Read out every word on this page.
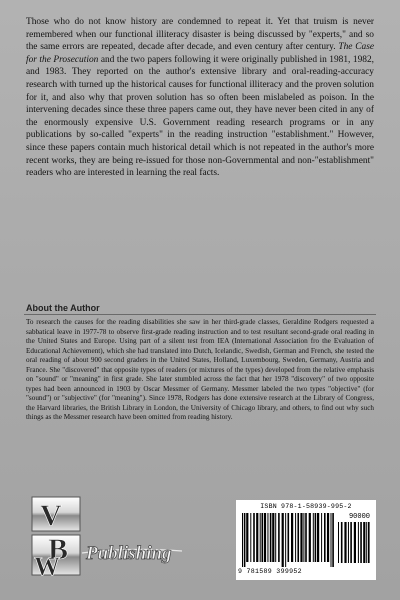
Those who do not know history are condemned to repeat it. Yet that truism is never remembered when our functional illiteracy disaster is being discussed by "experts," and so the same errors are repeated, decade after decade, and even century after century. The Case for the Prosecution and the two papers following it were originally published in 1981, 1982, and 1983. They reported on the author's extensive library and oral-reading-accuracy research with turned up the historical causes for functional illiteracy and the proven solution for it, and also why that proven solution has so often been mislabeled as poison. In the intervening decades since these three papers came out, they have never been cited in any of the enormously expensive U.S. Government reading research programs or in any publications by so-called "experts" in the reading instruction "establishment." However, since these papers contain much historical detail which is not repeated in the author's more recent works, they are being re-issued for those non-Governmental and non-"establishment" readers who are interested in learning the real facts.

About the Author

To research the causes for the reading disabilities she saw in her third-grade classes, Geraldine Rodgers requested a sabbatical leave in 1977-78 to observe first-grade reading instruction and to test resultant second-grade oral reading in the United States and Europe. Using part of a silent test from IEA (International Association fro the Evaluation of Educational Achievement), which she had translated into Dutch, Icelandic, Swedish, German and French, she tested the oral reading of about 900 second graders in the United States, Holland, Luxembourg, Sweden, Germany, Austria and France. She "discovered" that opposite types of readers (or mixtures of the types) developed from the relative emphasis on "sound" or "meaning" in first grade. She later stumbled across the fact that her 1978 "discovery" of two opposite types had been announced in 1903 by Oscar Messmer of Germany. Messmer labeled the two types "objective" (for "sound") or "subjective" (for "meaning"). Since 1978, Rodgers has done extensive research at the Library of Congress, the Harvard libraries, the British Library in London, the University of Chicago library, and others, to find out why such things as the Messmer research have been omitted from reading history.

V
B
W Publishing
ISBN 978-1-58939-995-2
90000
9 781589 399952
